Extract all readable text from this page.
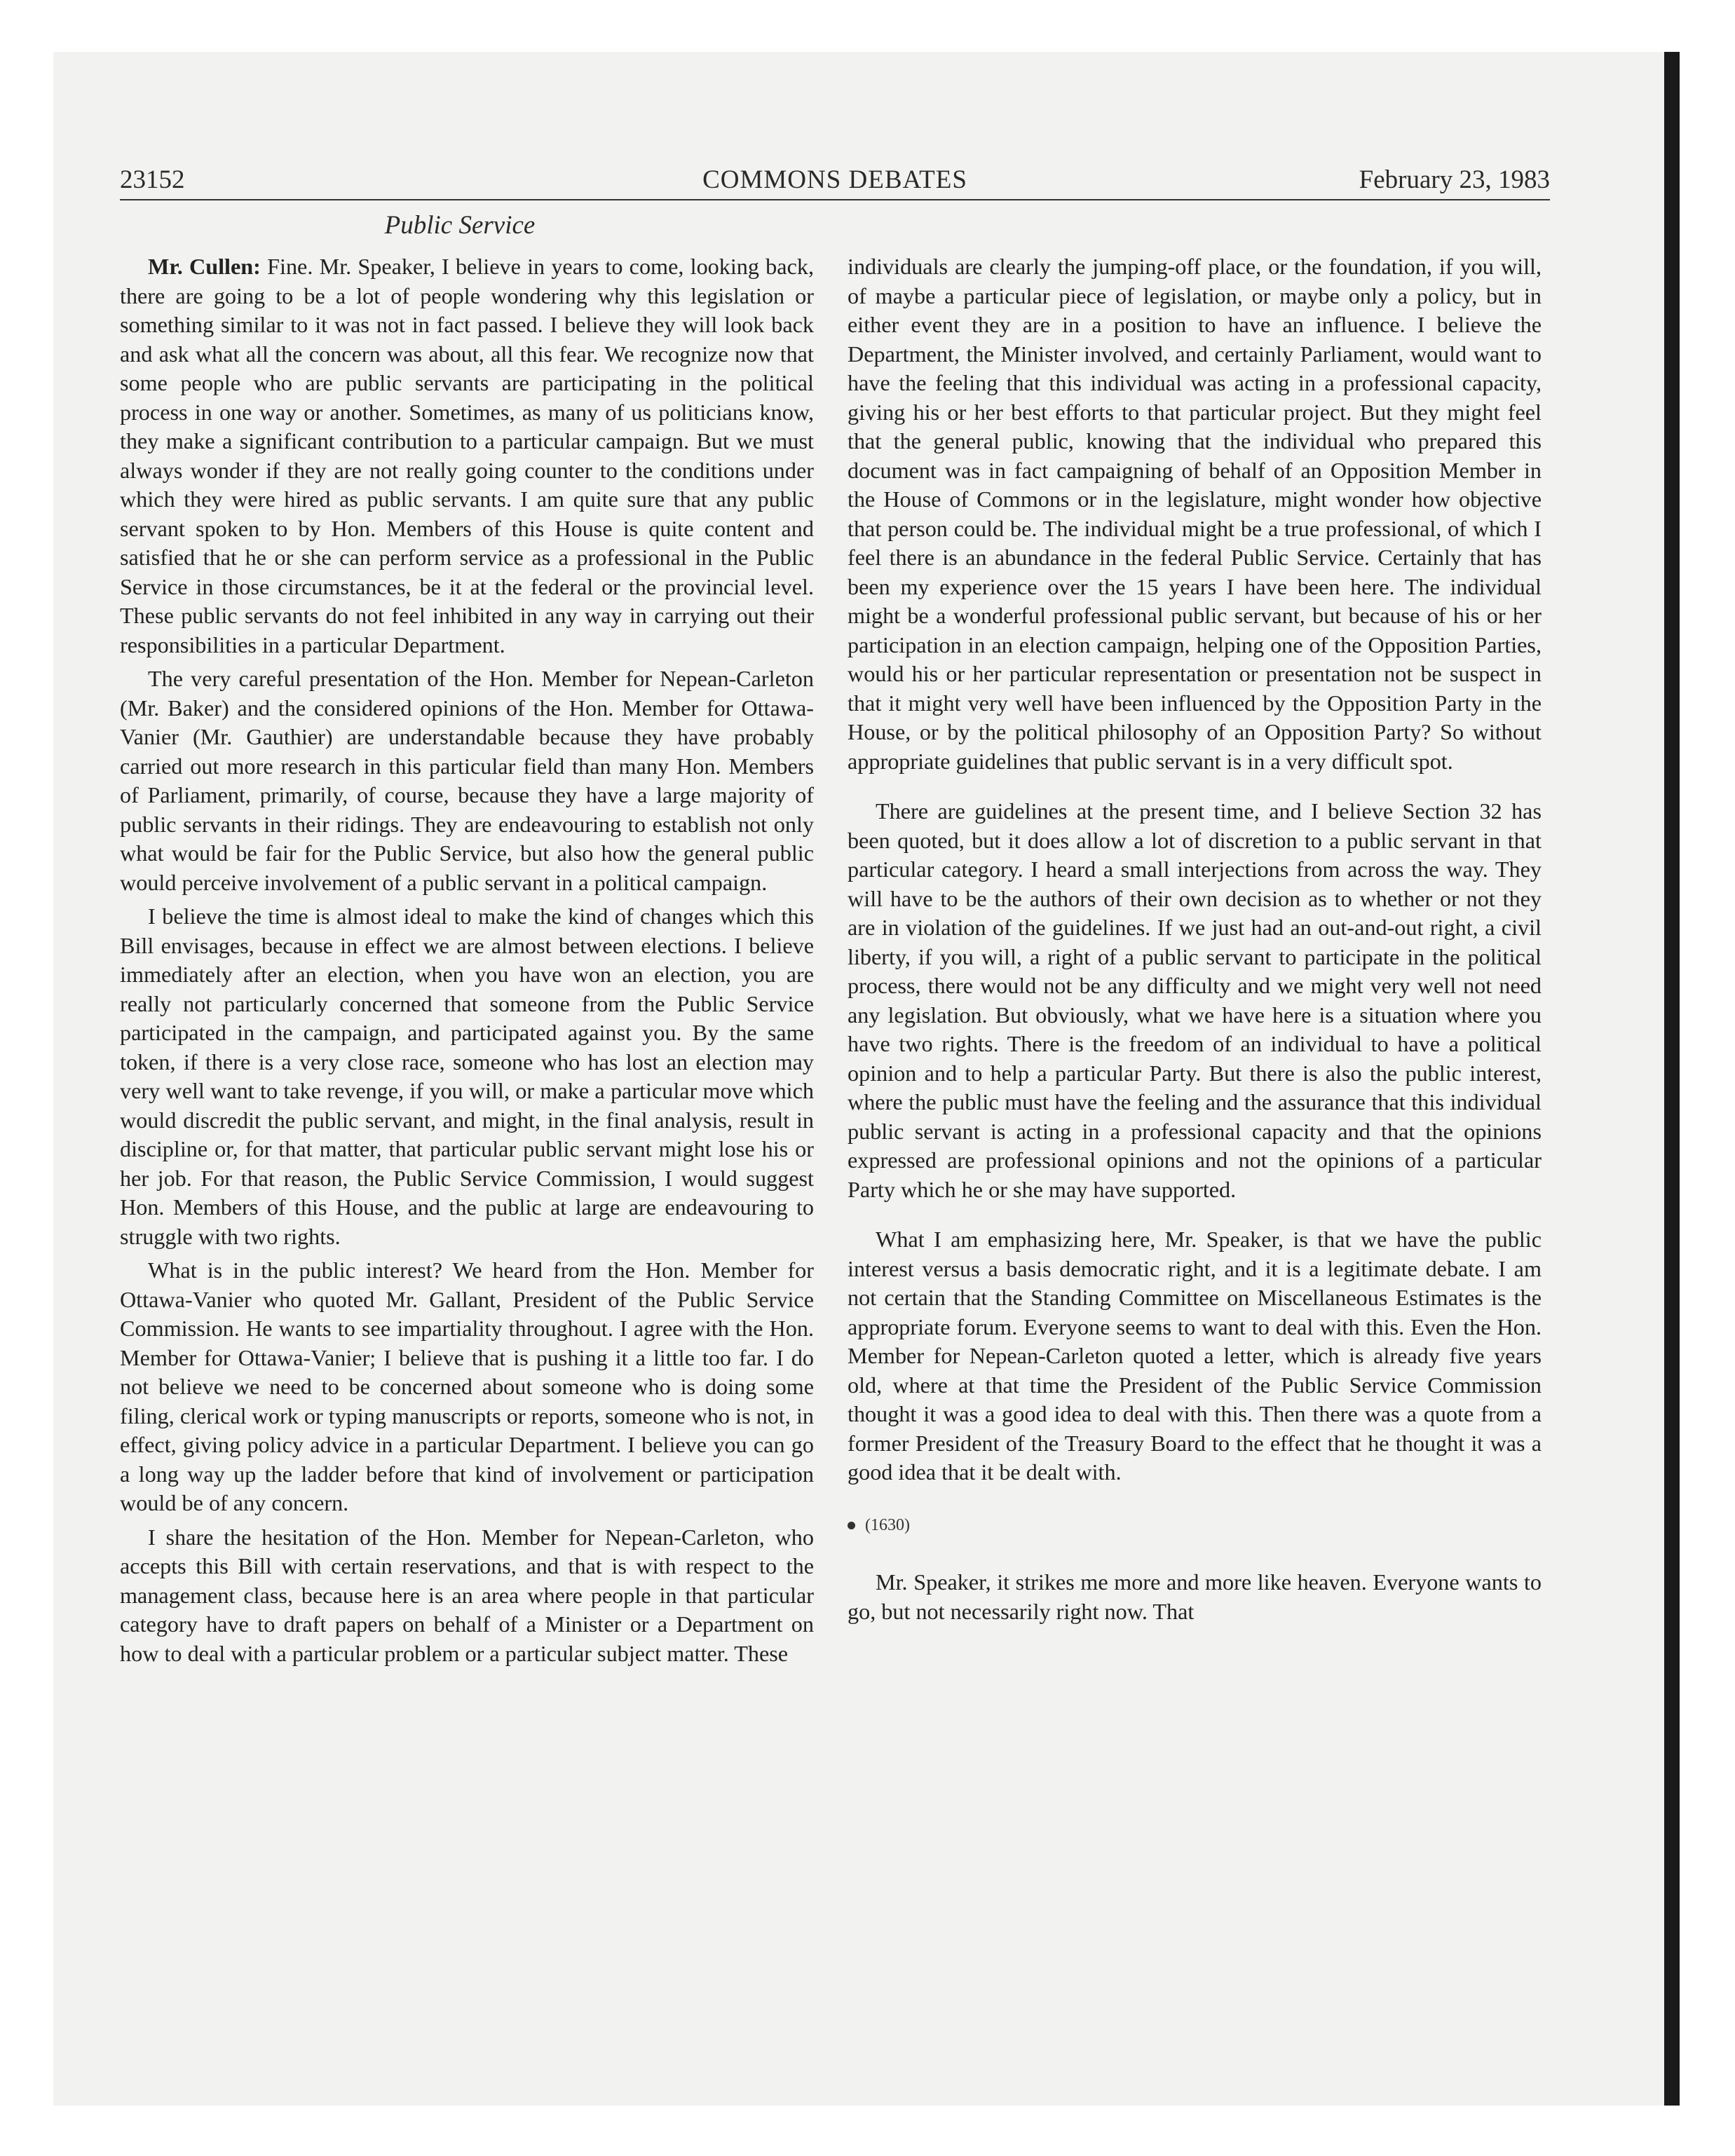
23152	COMMONS DEBATES	February 23, 1983
Public Service

Mr. Cullen: Fine. Mr. Speaker, I believe in years to come, looking back, there are going to be a lot of people wondering why this legislation or something similar to it was not in fact passed. I believe they will look back and ask what all the concern was about, all this fear. We recognize now that some people who are public servants are participating in the political process in one way or another. Sometimes, as many of us politicians know, they make a significant contribution to a particular campaign. But we must always wonder if they are not really going counter to the conditions under which they were hired as public servants. I am quite sure that any public servant spoken to by Hon. Members of this House is quite content and satisfied that he or she can perform service as a professional in the Public Service in those circumstances, be it at the federal or the provincial level. These public servants do not feel inhibited in any way in carrying out their responsibilities in a particular Department.

The very careful presentation of the Hon. Member for Nepean-Carleton (Mr. Baker) and the considered opinions of the Hon. Member for Ottawa-Vanier (Mr. Gauthier) are understandable because they have probably carried out more research in this particular field than many Hon. Members of Parliament, primarily, of course, because they have a large majority of public servants in their ridings. They are endeavouring to establish not only what would be fair for the Public Service, but also how the general public would perceive involvement of a public servant in a political campaign.

I believe the time is almost ideal to make the kind of changes which this Bill envisages, because in effect we are almost between elections. I believe immediately after an election, when you have won an election, you are really not particularly concerned that someone from the Public Service participated in the campaign, and participated against you. By the same token, if there is a very close race, someone who has lost an election may very well want to take revenge, if you will, or make a particular move which would discredit the public servant, and might, in the final analysis, result in discipline or, for that matter, that particular public servant might lose his or her job. For that reason, the Public Service Commission, I would suggest Hon. Members of this House, and the public at large are endeavouring to struggle with two rights.

What is in the public interest? We heard from the Hon. Member for Ottawa-Vanier who quoted Mr. Gallant, President of the Public Service Commission. He wants to see impartiality throughout. I agree with the Hon. Member for Ottawa-Vanier; I believe that is pushing it a little too far. I do not believe we need to be concerned about someone who is doing some filing, clerical work or typing manuscripts or reports, someone who is not, in effect, giving policy advice in a particular Department. I believe you can go a long way up the ladder before that kind of involvement or participation would be of any concern.

I share the hesitation of the Hon. Member for Nepean-Carleton, who accepts this Bill with certain reservations, and that is with respect to the management class, because here is an area where people in that particular category have to draft papers on behalf of a Minister or a Department on how to deal with a particular problem or a particular subject matter. These

individuals are clearly the jumping-off place, or the foundation, if you will, of maybe a particular piece of legislation, or maybe only a policy, but in either event they are in a position to have an influence. I believe the Department, the Minister involved, and certainly Parliament, would want to have the feeling that this individual was acting in a professional capacity, giving his or her best efforts to that particular project. But they might feel that the general public, knowing that the individual who prepared this document was in fact campaigning of behalf of an Opposition Member in the House of Commons or in the legislature, might wonder how objective that person could be. The individual might be a true professional, of which I feel there is an abundance in the federal Public Service. Certainly that has been my experience over the 15 years I have been here. The individual might be a wonderful professional public servant, but because of his or her participation in an election campaign, helping one of the Opposition Parties, would his or her particular representation or presentation not be suspect in that it might very well have been influenced by the Opposition Party in the House, or by the political philosophy of an Opposition Party? So without appropriate guidelines that public servant is in a very difficult spot.

There are guidelines at the present time, and I believe Section 32 has been quoted, but it does allow a lot of discretion to a public servant in that particular category. I heard a small interjections from across the way. They will have to be the authors of their own decision as to whether or not they are in violation of the guidelines. If we just had an out-and-out right, a civil liberty, if you will, a right of a public servant to participate in the political process, there would not be any difficulty and we might very well not need any legislation. But obviously, what we have here is a situation where you have two rights. There is the freedom of an individual to have a political opinion and to help a particular Party. But there is also the public interest, where the public must have the feeling and the assurance that this individual public servant is acting in a professional capacity and that the opinions expressed are professional opinions and not the opinions of a particular Party which he or she may have supported.

What I am emphasizing here, Mr. Speaker, is that we have the public interest versus a basis democratic right, and it is a legitimate debate. I am not certain that the Standing Committee on Miscellaneous Estimates is the appropriate forum. Everyone seems to want to deal with this. Even the Hon. Member for Nepean-Carleton quoted a letter, which is already five years old, where at that time the President of the Public Service Commission thought it was a good idea to deal with this. Then there was a quote from a former President of the Treasury Board to the effect that he thought it was a good idea that it be dealt with.

(1630)

Mr. Speaker, it strikes me more and more like heaven. Everyone wants to go, but not necessarily right now. That
